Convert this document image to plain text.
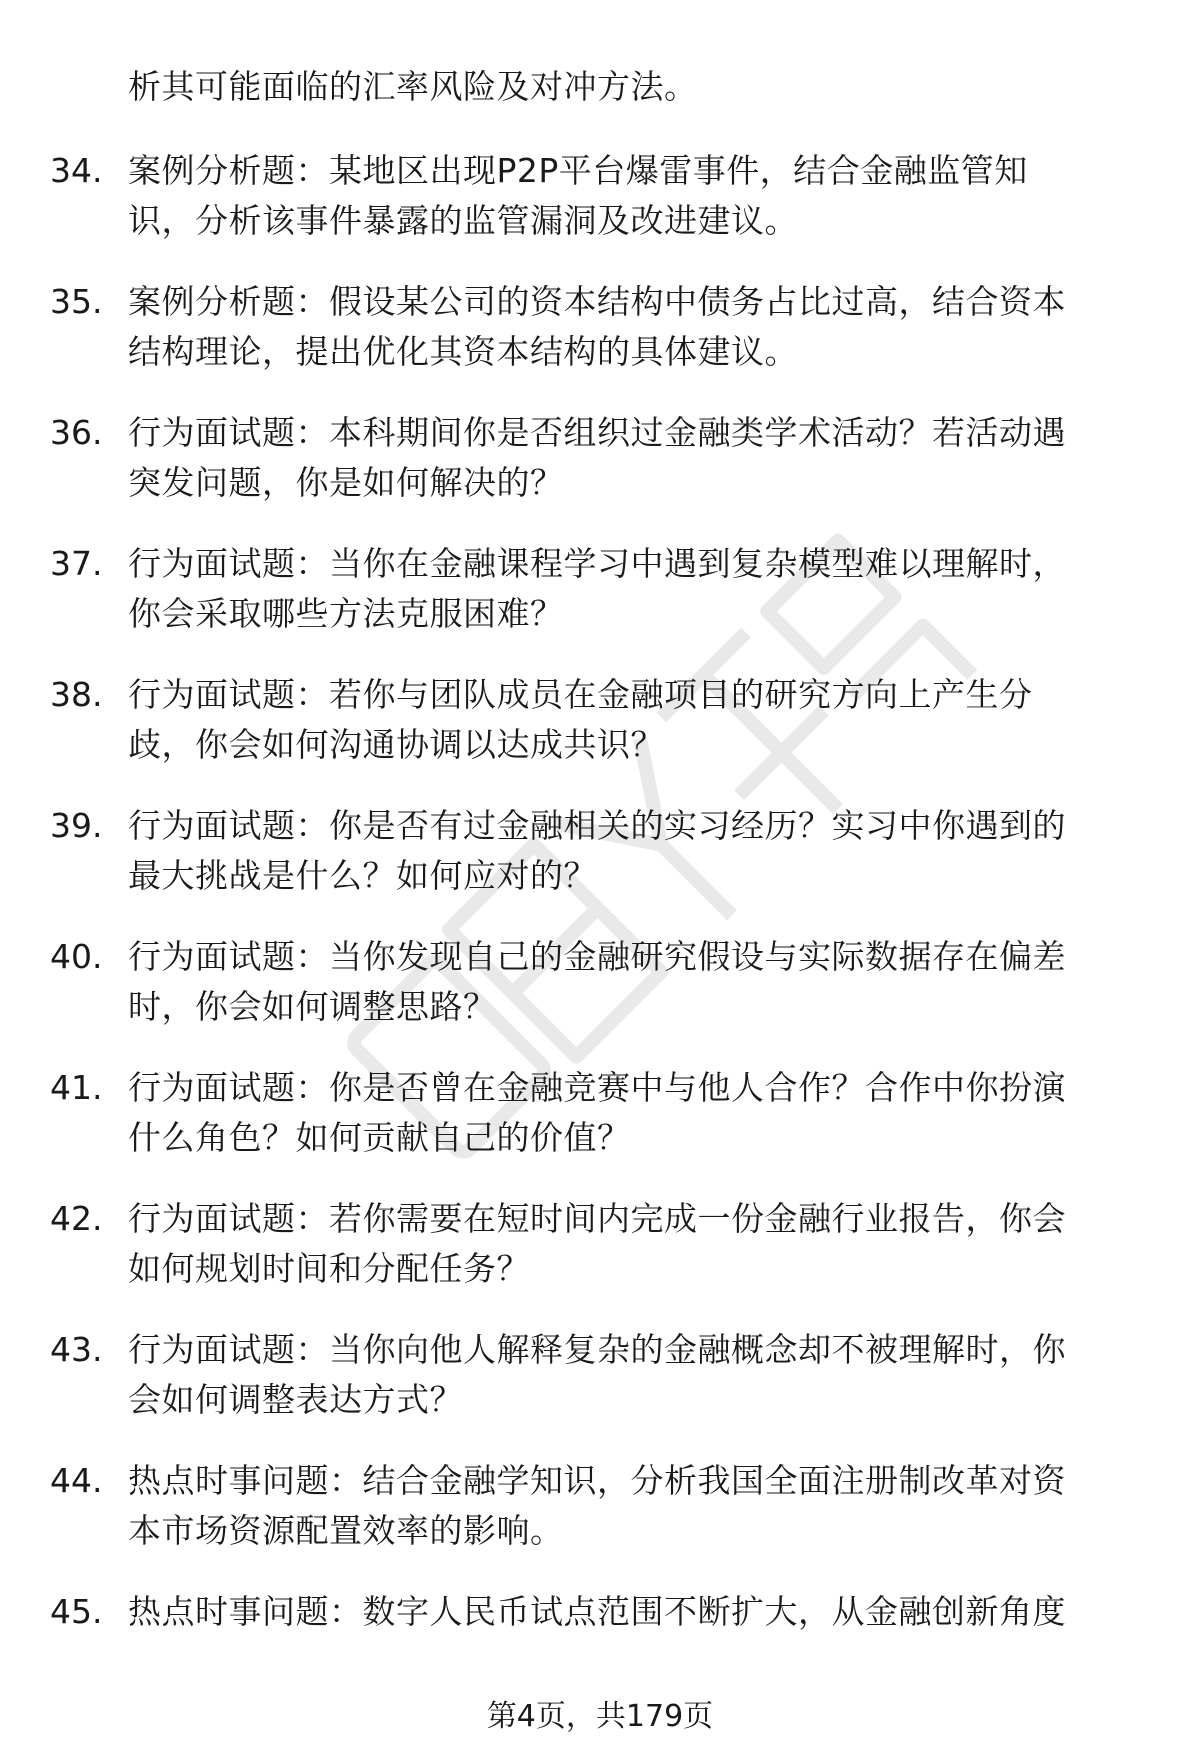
析其可能面临的汇率风险及对冲方法。
34. 案例分析题：某地区出现P2P平台爆雷事件，结合金融监管知
识，分析该事件暴露的监管漏洞及改进建议。
35. 案例分析题：假设某公司的资本结构中债务占比过高，结合资本
结构理论，提出优化其资本结构的具体建议。
36. 行为面试题：本科期间你是否组织过金融类学术活动？若活动遇
突发问题，你是如何解决的？
37. 行为面试题：当你在金融课程学习中遇到复杂模型难以理解时，
你会采取哪些方法克服困难？
38. 行为面试题：若你与团队成员在金融项目的研究方向上产生分
歧，你会如何沟通协调以达成共识？
39. 行为面试题：你是否有过金融相关的实习经历？实习中你遇到的
最大挑战是什么？如何应对的？
40. 行为面试题：当你发现自己的金融研究假设与实际数据存在偏差
时，你会如何调整思路？
41. 行为面试题：你是否曾在金融竞赛中与他人合作？合作中你扮演
什么角色？如何贡献自己的价值？
42. 行为面试题：若你需要在短时间内完成一份金融行业报告，你会
如何规划时间和分配任务？
43. 行为面试题：当你向他人解释复杂的金融概念却不被理解时，你
会如何调整表达方式？
44. 热点时事问题：结合金融学知识，分析我国全面注册制改革对资
本市场资源配置效率的影响。
45. 热点时事问题：数字人民币试点范围不断扩大，从金融创新角度
第4页，共179页
